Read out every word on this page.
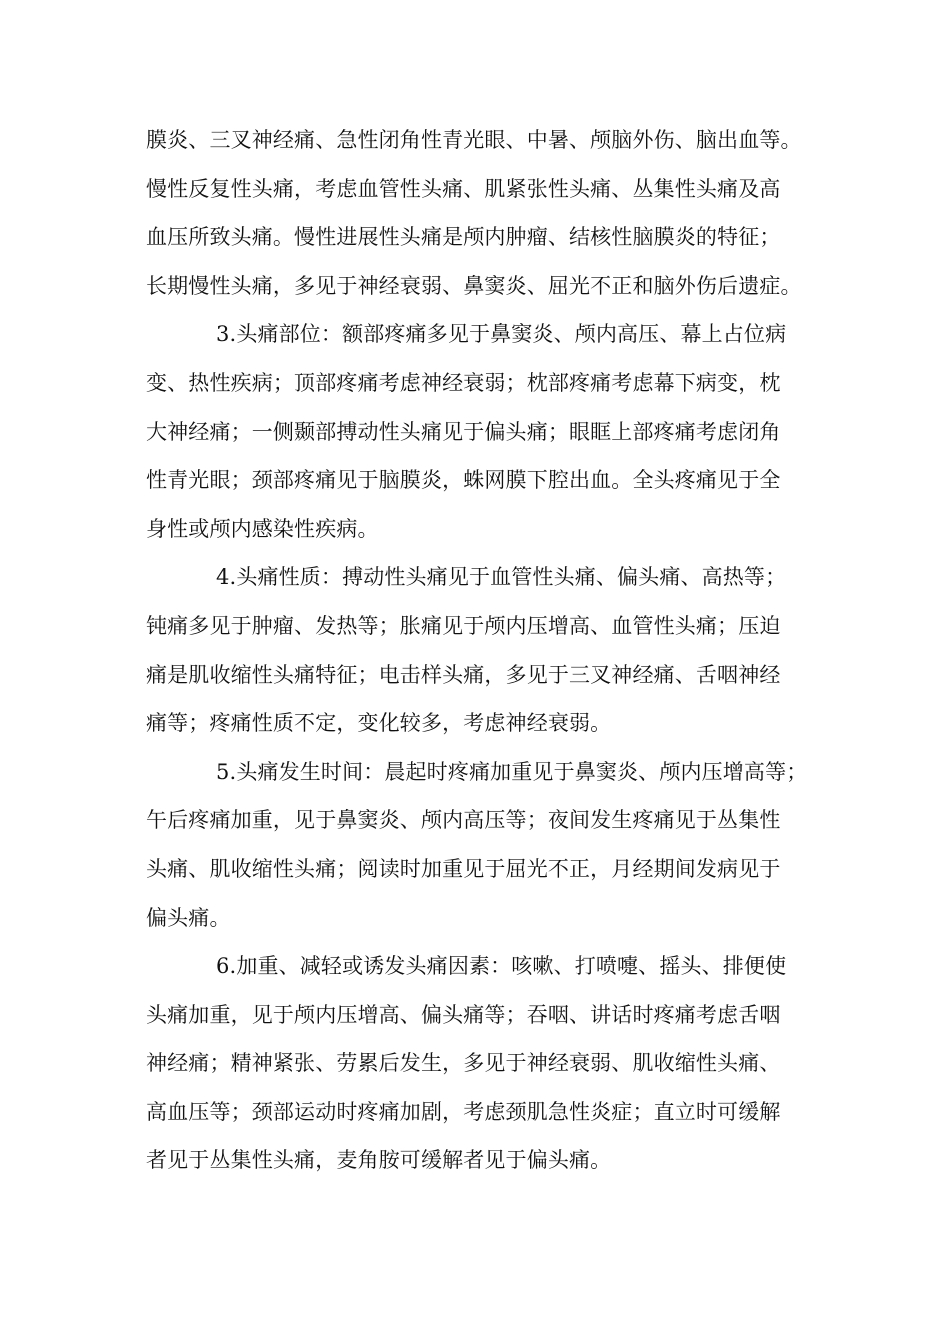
膜炎、三叉神经痛、急性闭角性青光眼、中暑、颅脑外伤、脑出血等。
慢性反复性头痛，考虑血管性头痛、肌紧张性头痛、丛集性头痛及高
血压所致头痛。慢性进展性头痛是颅内肿瘤、结核性脑膜炎的特征；
长期慢性头痛，多见于神经衰弱、鼻窦炎、屈光不正和脑外伤后遗症。
3.头痛部位：额部疼痛多见于鼻窦炎、颅内高压、幕上占位病
变、热性疾病；顶部疼痛考虑神经衰弱；枕部疼痛考虑幕下病变，枕
大神经痛；一侧颞部搏动性头痛见于偏头痛；眼眶上部疼痛考虑闭角
性青光眼；颈部疼痛见于脑膜炎，蛛网膜下腔出血。全头疼痛见于全
身性或颅内感染性疾病。
4.头痛性质：搏动性头痛见于血管性头痛、偏头痛、高热等；
钝痛多见于肿瘤、发热等；胀痛见于颅内压增高、血管性头痛；压迫
痛是肌收缩性头痛特征；电击样头痛，多见于三叉神经痛、舌咽神经
痛等；疼痛性质不定，变化较多，考虑神经衰弱。
5.头痛发生时间：晨起时疼痛加重见于鼻窦炎、颅内压增高等；
午后疼痛加重，见于鼻窦炎、颅内高压等；夜间发生疼痛见于丛集性
头痛、肌收缩性头痛；阅读时加重见于屈光不正，月经期间发病见于
偏头痛。
6.加重、减轻或诱发头痛因素：咳嗽、打喷嚏、摇头、排便使
头痛加重，见于颅内压增高、偏头痛等；吞咽、讲话时疼痛考虑舌咽
神经痛；精神紧张、劳累后发生，多见于神经衰弱、肌收缩性头痛、
高血压等；颈部运动时疼痛加剧，考虑颈肌急性炎症；直立时可缓解
者见于丛集性头痛，麦角胺可缓解者见于偏头痛。
